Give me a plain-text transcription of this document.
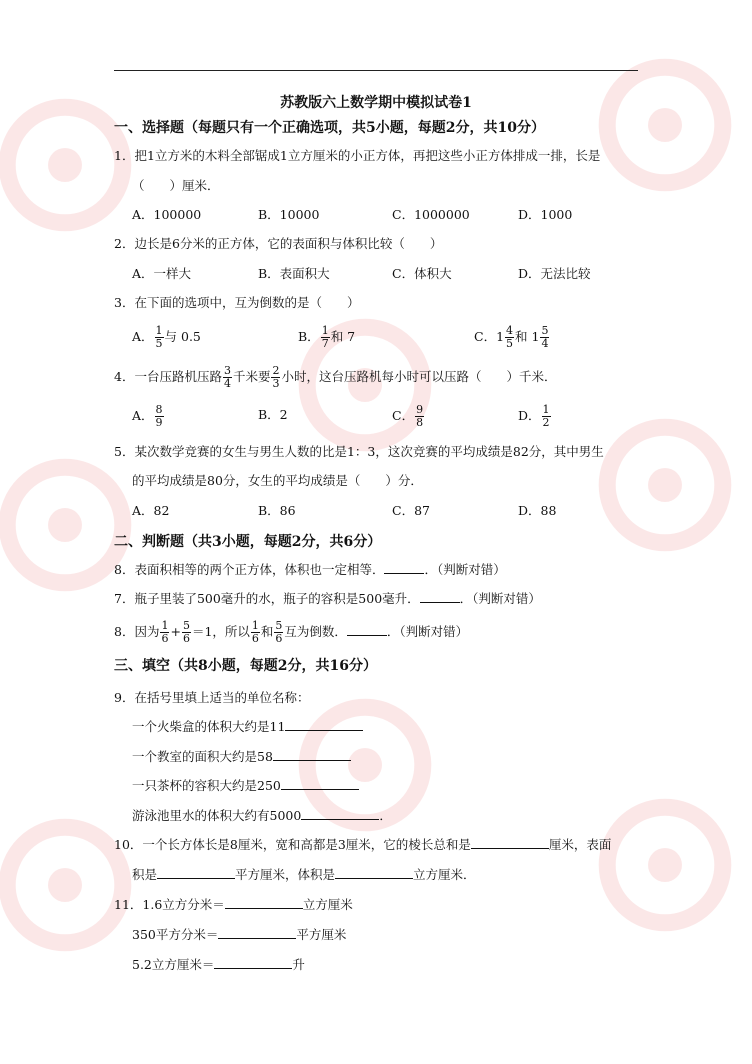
苏教版六上数学期中模拟试卷1
一、选择题（每题只有一个正确选项，共5小题，每题2分，共10分）
1．把1立方米的木料全部锯成1立方厘米的小正方体，再把这些小正方体排成一排，长是
（　　）厘米．
A．100000	B．10000	C．1000000	D．1000
2．边长是6分米的正方体，它的表面积与体积比较（　　）
A．一样大	B．表面积大	C．体积大	D．无法比较
3．在下面的选项中，互为倒数的是（　　）
A． $\frac{1}{5}$ 与 0.5	B． $\frac{1}{7}$ 和 7	C．$1 \frac{4}{5}$ 和 $1 \frac{5}{4}$
4．一台压路机压路 $\frac{3}{4}$ 千米要 $\frac{2}{3}$ 小时，这台压路机每小时可以压路（　　）千米．
A． $\frac{8}{9}$	B．2	C． $\frac{9}{8}$	D． $\frac{1}{2}$
5．某次数学竞赛的女生与男生人数的比是1：3，这次竞赛的平均成绩是82分，其中男生
的平均成绩是80分，女生的平均成绩是（　　）分．
A．82	B．86	C．87	D．88
二、判断题（共3小题，每题2分，共6分）
8．表面积相等的两个正方体，体积也一定相等．	．（判断对错）
7．瓶子里装了500毫升的水，瓶子的容积是500毫升．	．（判断对错）
8．因为 $\frac{1}{6} + \frac{5}{6} =1$，所以 $\frac{1}{6}$ 和 $\frac{5}{6}$ 互为倒数．	．（判断对错）
三、填空（共8小题，每题2分，共16分）
9．在括号里填上适当的单位名称：
一个火柴盒的体积大约是11
一个教室的面积大约是58
一只茶杯的容积大约是250
游泳池里水的体积大约有5000	．
10．一个长方体长是8厘米，宽和高都是3厘米，它的棱长总和是	厘米，表面
积是	平方厘米，体积是	立方厘米．
11．1.6立方分米＝	立方厘米
350平方分米＝	平方厘米
5.2立方厘米＝	升
